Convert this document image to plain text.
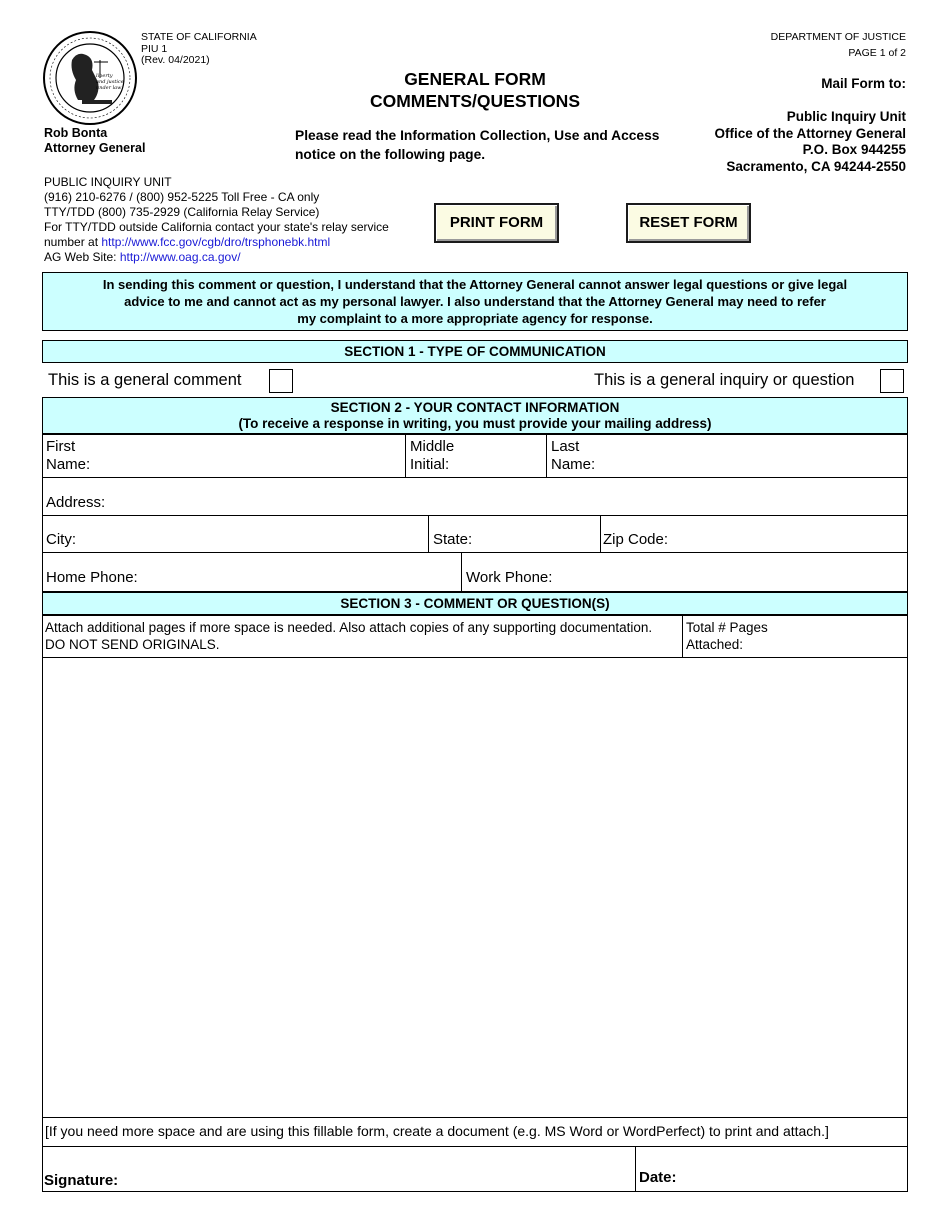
liberty
and justice
under law
STATE OF CALIFORNIA
PIU 1
(Rev. 04/2021)
DEPARTMENT OF JUSTICE
PAGE 1 of 2
GENERAL FORM
COMMENTS/QUESTIONS
Mail Form to:
Rob Bonta
Attorney General
Please read the Information Collection, Use and Access
notice on the following page.
Public Inquiry Unit
Office of the Attorney General
P.O. Box 944255
Sacramento, CA 94244-2550
PUBLIC INQUIRY UNIT
(916) 210-6276 / (800) 952-5225 Toll Free - CA only
TTY/TDD (800) 735-2929 (California Relay Service)
For TTY/TDD outside California contact your state's relay service
number at http://www.fcc.gov/cgb/dro/trsphonebk.html
AG Web Site: http://www.oag.ca.gov/
PRINT FORM	RESET FORM
In sending this comment or question, I understand that the Attorney General cannot answer legal questions or give legal
advice to me and cannot act as my personal lawyer. I also understand that the Attorney General may need to refer
my complaint to a more appropriate agency for response.
SECTION 1 - TYPE OF COMMUNICATION
This is a general comment	This is a general inquiry or question
SECTION 2 - YOUR CONTACT INFORMATION
(To receive a response in writing, you must provide your mailing address)
First
Name:
Middle
Initial:
Last
Name:
Address:
City:	State:	Zip Code:
Home Phone:	Work Phone:
SECTION 3 - COMMENT OR QUESTION(S)
Attach additional pages if more space is needed. Also attach copies of any supporting documentation.
DO NOT SEND ORIGINALS.
Total # Pages
Attached:
[If you need more space and are using this fillable form, create a document (e.g. MS Word or WordPerfect) to print and attach.]
Signature:	Date:
